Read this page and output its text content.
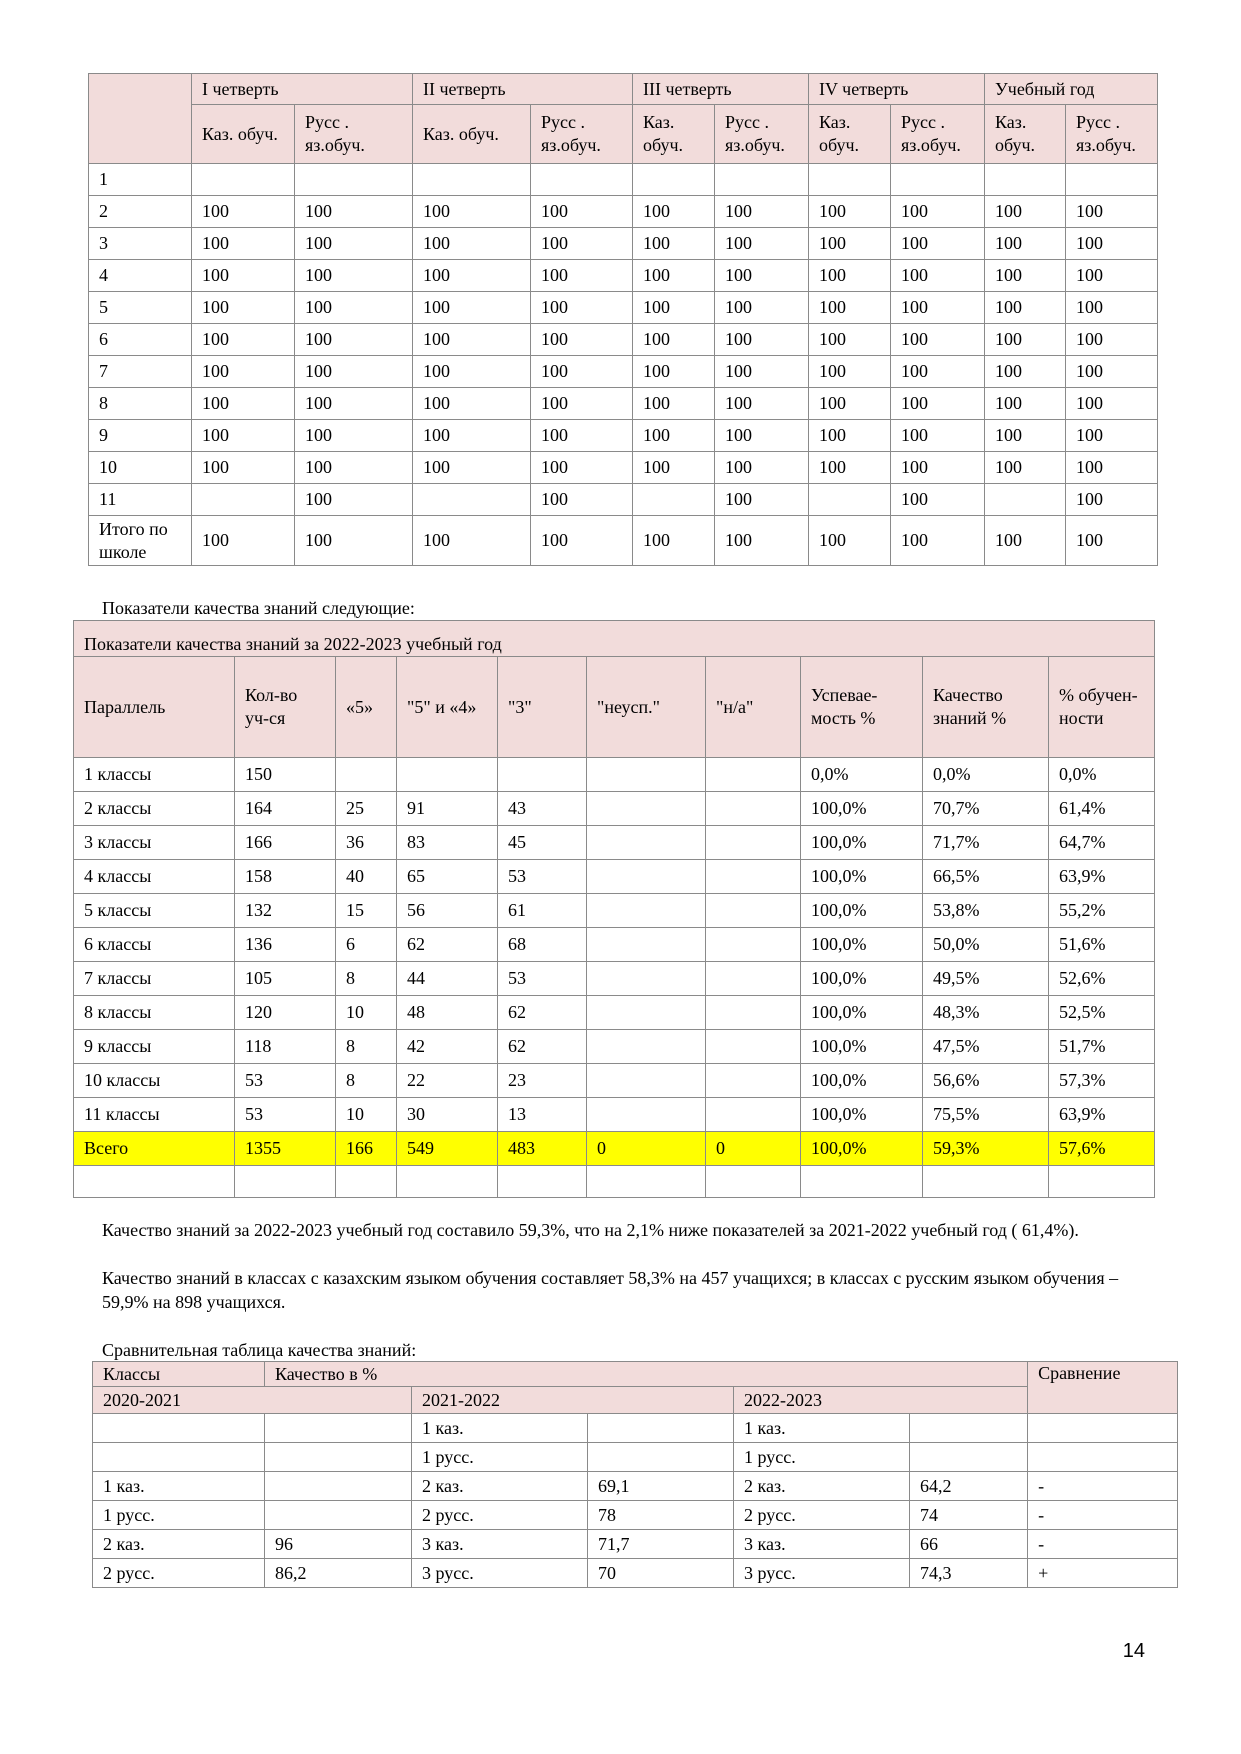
	I четверть		II четверть		III четверть		IV четверть		Учебный год	
	Каз. обуч.	Русс . яз.обуч.	Каз. обуч.	Русс . яз.обуч.	Каз. обуч.	Русс . яз.обуч.	Каз. обуч.	Русс . яз.обуч.	Каз. обуч.	Русс . яз.обуч.
1										
2	100	100	100	100	100	100	100	100	100	100
3	100	100	100	100	100	100	100	100	100	100
4	100	100	100	100	100	100	100	100	100	100
5	100	100	100	100	100	100	100	100	100	100
6	100	100	100	100	100	100	100	100	100	100
7	100	100	100	100	100	100	100	100	100	100
8	100	100	100	100	100	100	100	100	100	100
9	100	100	100	100	100	100	100	100	100	100
10	100	100	100	100	100	100	100	100	100	100
11		100		100		100		100		100
Итого по школе	100	100	100	100	100	100	100	100	100	100

Показатели качества знаний следующие:

Показатели качества знаний за 2022-2023 учебный год									
Параллель	Кол-во уч-ся	«5»	"5" и «4»	"3"	"неусп."	"н/а"	Успевае-мость %	Качество знаний %	% обучен-ности
1 классы	150						0,0%	0,0%	0,0%
2 классы	164	25	91	43			100,0%	70,7%	61,4%
3 классы	166	36	83	45			100,0%	71,7%	64,7%
4 классы	158	40	65	53			100,0%	66,5%	63,9%
5 классы	132	15	56	61			100,0%	53,8%	55,2%
6 классы	136	6	62	68			100,0%	50,0%	51,6%
7 классы	105	8	44	53			100,0%	49,5%	52,6%
8 классы	120	10	48	62			100,0%	48,3%	52,5%
9 классы	118	8	42	62			100,0%	47,5%	51,7%
10 классы	53	8	22	23			100,0%	56,6%	57,3%
11 классы	53	10	30	13			100,0%	75,5%	63,9%
Всего	1355	166	549	483	0	0	100,0%	59,3%	57,6%

Качество знаний за 2022-2023 учебный год составило 59,3%, что на 2,1% ниже показателей за 2021-2022 учебный год ( 61,4%).

Качество знаний в классах с казахским языком обучения составляет 58,3% на 457 учащихся; в классах с русским языком обучения – 59,9% на 898 учащихся.

Сравнительная таблица качества знаний:

Классы	Качество в %					Сравнение
2020-2021		2021-2022		2022-2023		
		1 каз.		1 каз.		
		1 русс.		1 русс.		
1 каз.		2 каз.	69,1	2 каз.	64,2	-
1 русс.		2 русс.	78	2 русс.	74	-
2 каз.	96	3 каз.	71,7	3 каз.	66	-
2 русс.	86,2	3 русс.	70	3 русс.	74,3	+
14
